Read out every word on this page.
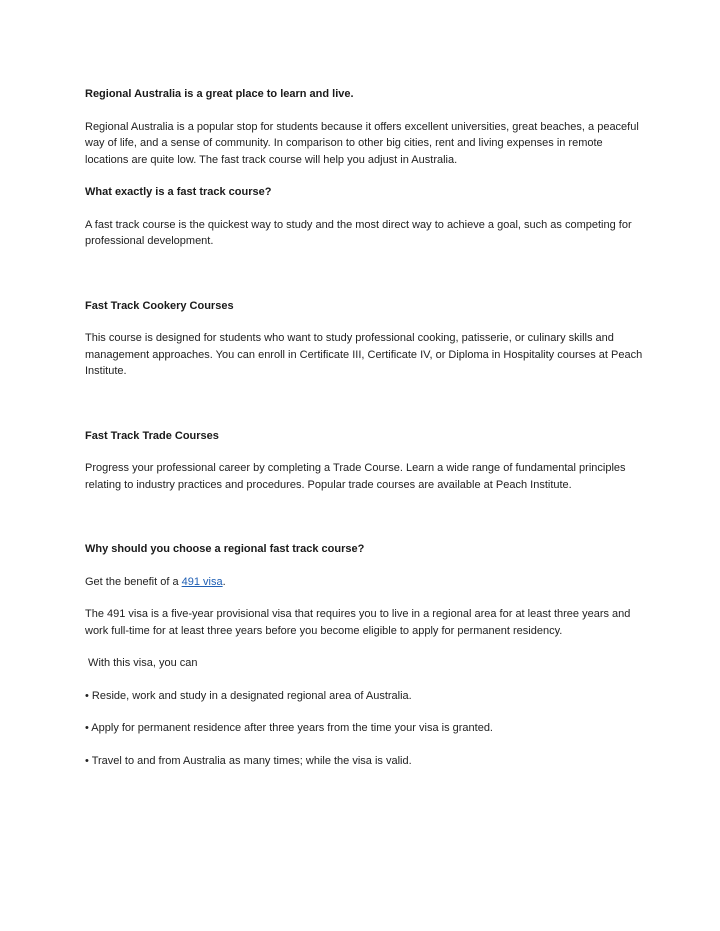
Regional Australia is a great place to learn and live.

Regional Australia is a popular stop for students because it offers excellent universities, great beaches, a peaceful way of life, and a sense of community. In comparison to other big cities, rent and living expenses in remote locations are quite low. The fast track course will help you adjust in Australia.

What exactly is a fast track course?

A fast track course is the quickest way to study and the most direct way to achieve a goal, such as competing for professional development.

Fast Track Cookery Courses

This course is designed for students who want to study professional cooking, patisserie, or culinary skills and management approaches. You can enroll in Certificate III, Certificate IV, or Diploma in Hospitality courses at Peach Institute.

Fast Track Trade Courses

Progress your professional career by completing a Trade Course. Learn a wide range of fundamental principles relating to industry practices and procedures. Popular trade courses are available at Peach Institute.

Why should you choose a regional fast track course?

Get the benefit of a 491 visa.

The 491 visa is a five-year provisional visa that requires you to live in a regional area for at least three years and work full-time for at least three years before you become eligible to apply for permanent residency.

With this visa, you can

• Reside, work and study in a designated regional area of Australia.

• Apply for permanent residence after three years from the time your visa is granted.

• Travel to and from Australia as many times; while the visa is valid.
